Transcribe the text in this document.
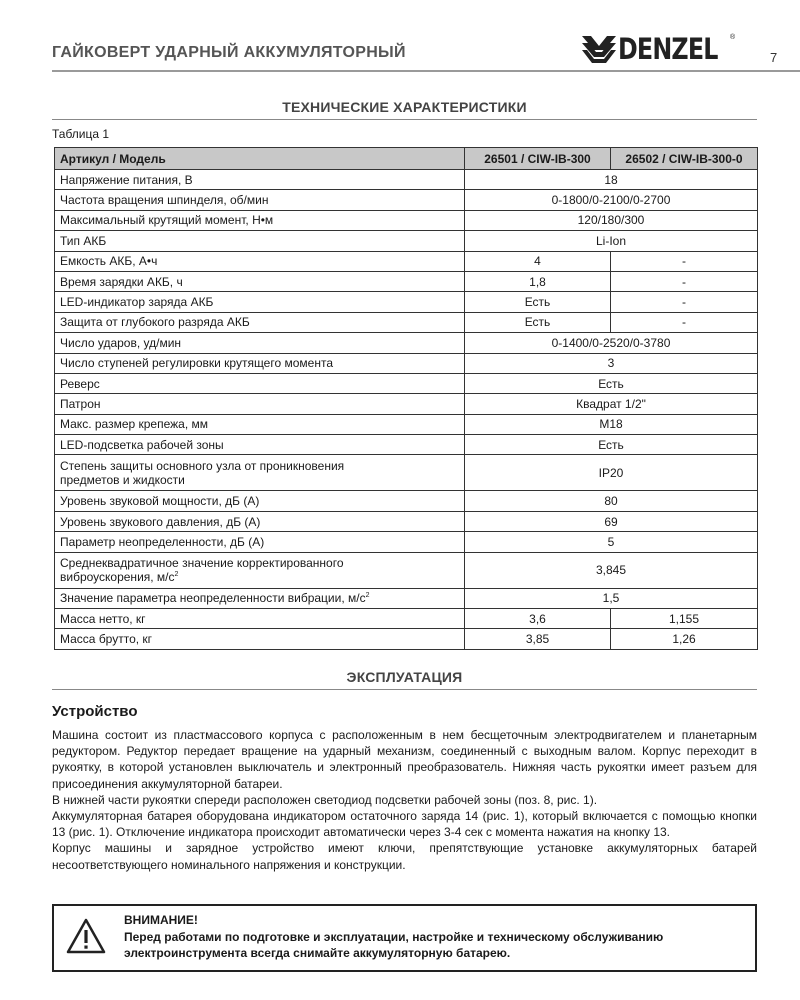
ГАЙКОВЕРТ УДАРНЫЙ АККУМУЛЯТОРНЫЙ	DENZEL ®
7
ТЕХНИЧЕСКИЕ ХАРАКТЕРИСТИКИ
Таблица 1
Артикул / Модель	26501 / CIW-IB-300	26502 / CIW-IB-300-0
Напряжение питания, В	18	
Частота вращения шпинделя, об/мин	0-1800/0-2100/0-2700	
Максимальный крутящий момент, Н•м	120/180/300	
Тип АКБ	Li-Ion	
Емкость АКБ, А•ч	4	-
Время зарядки АКБ, ч	1,8	-
LED-индикатор заряда АКБ	Есть	-
Защита от глубокого разряда АКБ	Есть	-
Число ударов, уд/мин	0-1400/0-2520/0-3780	
Число ступеней регулировки крутящего момента	3	
Реверс	Есть	
Патрон	Квадрат 1/2"	
Макс. размер крепежа, мм	М18	
LED-подсветка рабочей зоны	Есть	
Степень защиты основного узла от проникновения
предметов и жидкости	IP20	
Уровень звуковой мощности, дБ (А)	80	
Уровень звукового давления, дБ (А)	69	
Параметр неопределенности, дБ (А)	5	
Среднеквадратичное значение корректированного
виброускорения, $м/с^2$	3,845	
Значение параметра неопределенности вибрации, $м/с^2$	1,5	
Масса нетто, кг	3,6	1,155
Масса брутто, кг	3,85	1,26
ЭКСПЛУАТАЦИЯ
Устройство

Машина состоит из пластмассового корпуса с расположенным в нем бесщеточным электродвигателем и планетарным редуктором. Редуктор передает вращение на ударный механизм, соединенный с выходным валом. Корпус переходит в рукоятку, в которой установлен выключатель и электронный преобразователь. Нижняя часть рукоятки имеет разъем для присоединения аккумуляторной батареи.

В нижней части рукоятки спереди расположен светодиод подсветки рабочей зоны (поз. 8, рис. 1).

Аккумуляторная батарея оборудована индикатором остаточного заряда 14 (рис. 1), который включается с помощью кнопки 13 (рис. 1). Отключение индикатора происходит автоматически через 3-4 сек с момента нажатия на кнопку 13.

Корпус машины и зарядное устройство имеют ключи, препятствующие установке аккумуляторных батарей несоответствующего номинального напряжения и конструкции.

ВНИМАНИЕ!

Перед работами по подготовке и эксплуатации, настройке и техническому обслуживанию электроинструмента всегда снимайте аккумуляторную батарею.
